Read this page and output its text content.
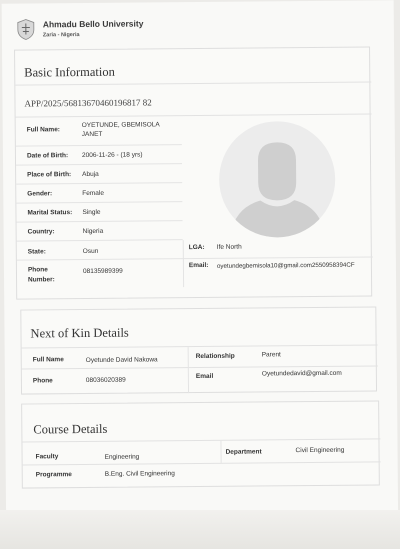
Ahmadu Bello University
Zaria - Nigeria
Basic Information
APP/2025/56813670460196817 82
Full Name:
OYETUNDE, GBEMISOLA JANET
Date of Birth: 2006-11-26 - (18 yrs)
Place of Birth: Abuja
Gender:	Female
Marital Status: Single
Country:	Nigeria
State:	Osun
LGA: Ife North
Phone Number:
08135989399
Email: oyetundegbemisola10@gmail.com2550958394CF
Next of Kin Details
Full Name	Oyetunde David Nakowa
Relationship	Parent
Phone	08036020389
Email	Oyetundedavid@gmail.com
Course Details
Faculty	Engineering
Department	Civil Engineering
Programme	B.Eng. Civil Engineering
